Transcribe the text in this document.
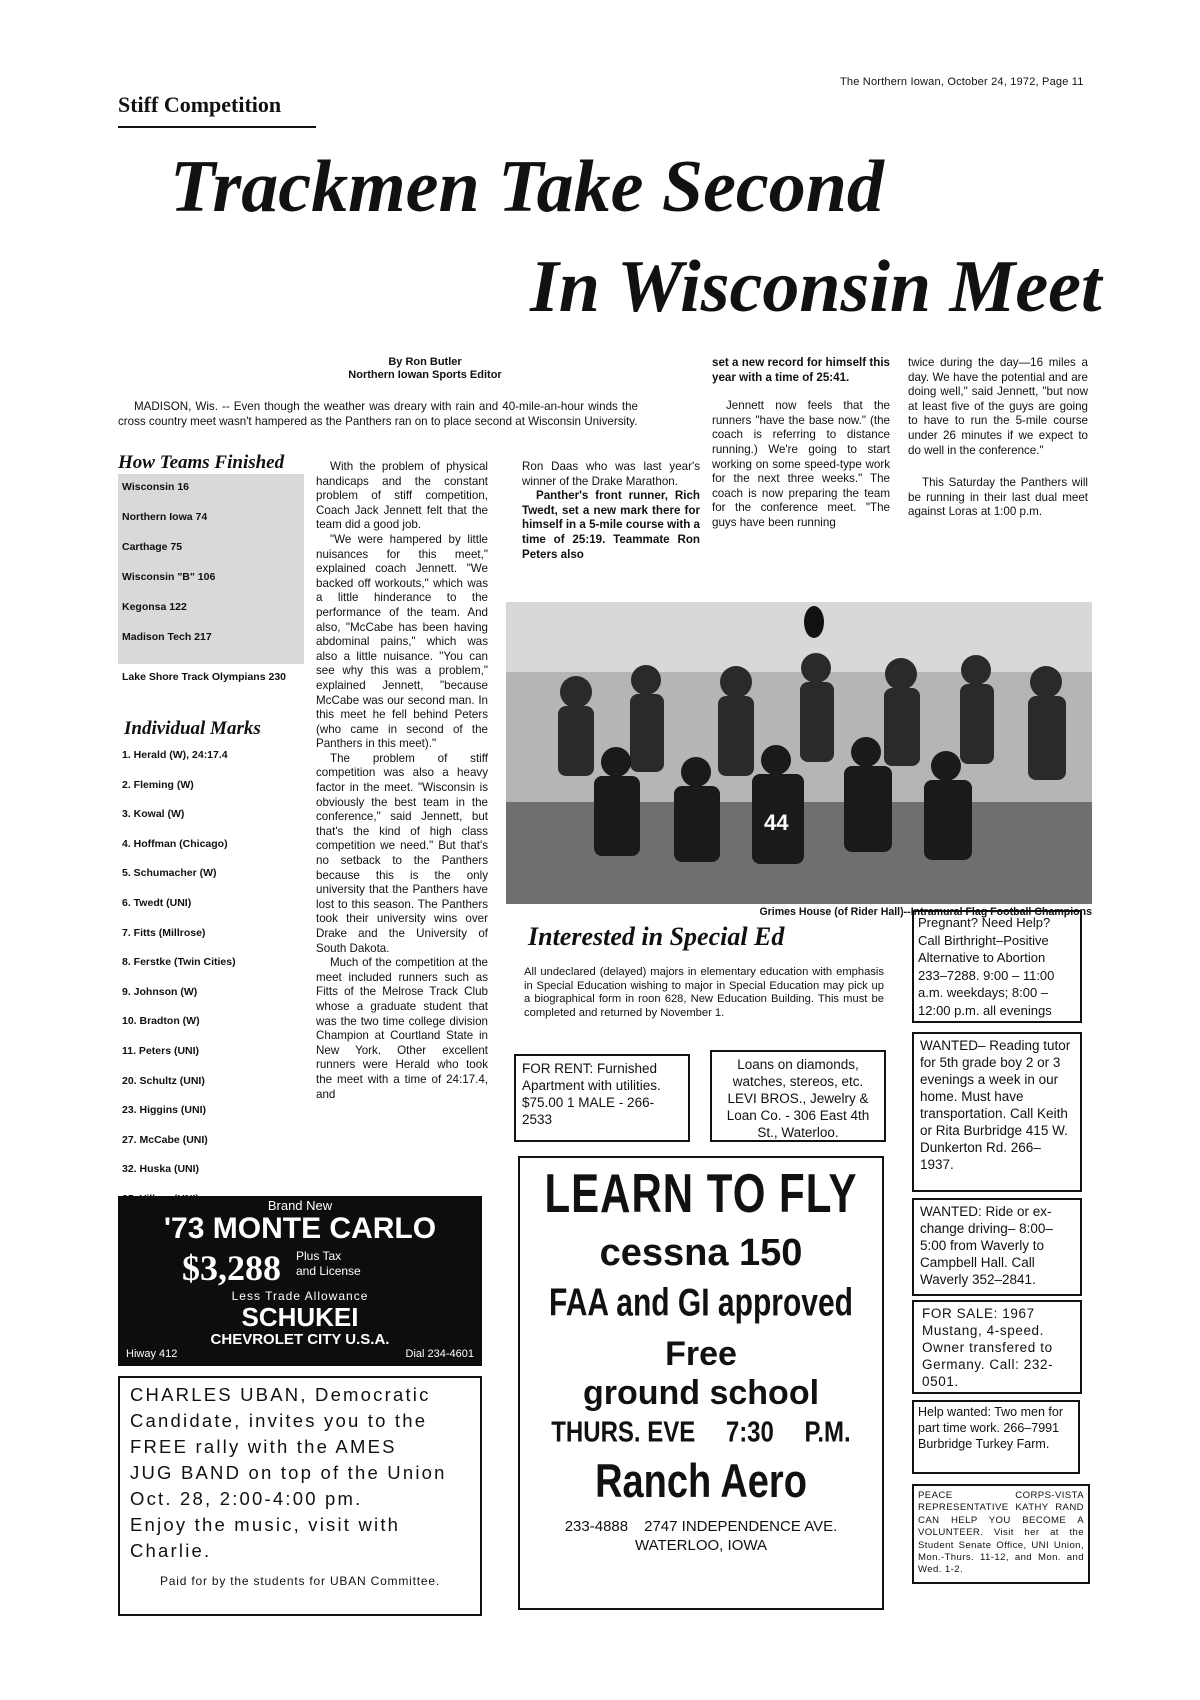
The Northern Iowan, October 24, 1972, Page 11
Stiff Competition
Trackmen Take Second
In Wisconsin Meet
By Ron Butler
Northern Iowan Sports Editor
MADISON, Wis. -- Even though the weather was dreary with rain and 40-mile-an-hour winds the cross country meet wasn't hampered as the Panthers ran on to place second at Wisconsin University.
How Teams Finished
Wisconsin 16
Northern Iowa 74
Carthage 75
Wisconsin "B" 106
Kegonsa 122
Madison Tech 217
Lake Shore Track Olympians 230
Individual Marks
1. Herald (W), 24:17.4
2. Fleming (W)
3. Kowal (W)
4. Hoffman (Chicago)
5. Schumacher (W)
6. Twedt (UNI)
7. Fitts (Millrose)
8. Ferstke (Twin Cities)
9. Johnson (W)
10. Bradton (W)
11. Peters (UNI)
20. Schultz (UNI)
23. Higgins (UNI)
27. McCabe (UNI)
32. Huska (UNI)

With the problem of physical handicaps and the constant problem of stiff competition, Coach Jack Jennett felt that the team did a good job.

"We were hampered by little nuisances for this meet," explained coach Jennett. "We backed off workouts," which was a little hinderance to the performance of the team. And also, "McCabe has been having abdominal pains," which was also a little nuisance. "You can see why this was a problem," explained Jennett, "because McCabe was our second man. In this meet he fell behind Peters (who came in second of the Panthers in this meet)."

The problem of stiff competition was also a heavy factor in the meet. "Wisconsin is obviously the best team in the conference," said Jennett, but that's the kind of high class competition we need." But that's no setback to the Panthers because this is the only university that the Panthers have lost to this season. The Panthers took their university wins over Drake and the University of South Dakota.

Much of the competition at the meet included runners such as Fitts of the Melrose Track Club whose a graduate student that was the two time college division Champion at Courtland State in New York. Other excellent runners were Herald who took the meet with a time of 24:17.4, and

Ron Daas who was last year's winner of the Drake Marathon.

Panther's front runner, Rich Twedt, set a new mark there for himself in a 5-mile course with a time of 25:19. Teammate Ron Peters also

set a new record for himself this year with a time of 25:41.

Jennett now feels that the runners "have the base now." (the coach is referring to distance running.) We're going to start working on some speed-type work for the next three weeks." The coach is now preparing the team for the conference meet. "The guys have been running

twice during the day—16 miles a day. We have the potential and are doing well," said Jennett, "but now at least five of the guys are going to have to run the 5-mile course under 26 minutes if we expect to do well in the conference."

This Saturday the Panthers will be running in their last dual meet against Loras at 1:00 p.m.

44
Grimes House (of Rider Hall)--Intramural Flag Football Champions
Interested in Special Ed
All undeclared (delayed) majors in elementary education with emphasis in Special Education wishing to major in Special Education may pick up a biographical form in roon 628, New Education Building. This must be completed and returned by November 1.
Pregnant? Need Help? Call Birthright–Positive Alternative to Abortion 233–7288. 9:00 – 11:00 a.m. weekdays; 8:00 – 12:00 p.m. all evenings
WANTED– Reading tutor for 5th grade boy 2 or 3 evenings a week in our home. Must have transportation. Call Keith or Rita Burbridge 415 W. Dunkerton Rd. 266–1937.
WANTED: Ride or ex-change driving– 8:00–5:00 from Waverly to Campbell Hall. Call Waverly 352–2841.
FOR SALE: 1967 Mustang, 4-speed. Owner transfered to Germany. Call: 232-0501.
Help wanted: Two men for part time work. 266–7991 Burbridge Turkey Farm.
PEACE CORPS-VISTA REPRESENTATIVE KATHY RAND CAN HELP YOU BECOME A VOLUNTEER. Visit her at the Student Senate Office, UNI Union, Mon.-Thurs. 11-12, and Mon. and Wed. 1-2.
FOR RENT: Furnished Apartment with utilities. $75.00 1 MALE - 266-2533
Loans on diamonds, watches, stereos, etc. LEVI BROS., Jewelry & Loan Co. - 306 East 4th St., Waterloo.
Brand New
'73 MONTE CARLO
$3,288 Plus Tax
and License
Less Trade Allowance
SCHUKEI
CHEVROLET CITY U.S.A.
Hiway 412	Dial 234-4601
CHARLES UBAN, Democratic
Candidate, invites you to the
FREE rally with the AMES
JUG BAND on top of the Union
Oct. 28, 2:00-4:00 pm.
Enjoy the music, visit with
Charlie.
Paid for by the students for UBAN Committee.
LEARN TO FLY
cessna 150
FAA and GI approved
Free
ground school
THURS. EVE 7:30 P.M.
Ranch Aero
233-4888 2747 INDEPENDENCE AVE.
WATERLOO, IOWA
